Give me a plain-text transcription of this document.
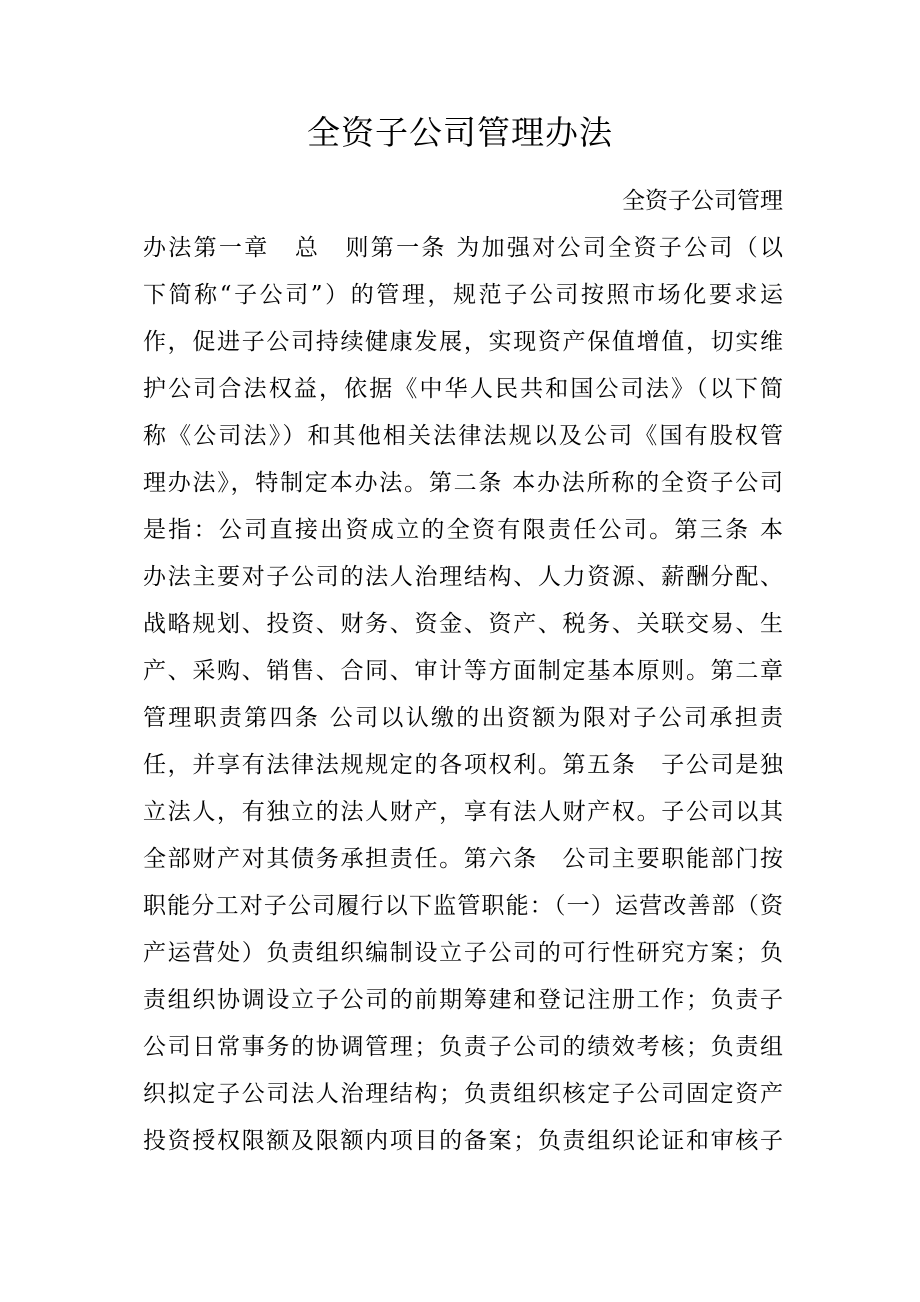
全资子公司管理办法
全资子公司管理
办法第一章　总　则第一条 为加强对公司全资子公司（以
下简称“子公司”）的管理，规范子公司按照市场化要求运
作，促进子公司持续健康发展，实现资产保值增值，切实维
护公司合法权益，依据《中华人民共和国公司法》（以下简
称《公司法》）和其他相关法律法规以及公司《国有股权管
理办法》，特制定本办法。第二条 本办法所称的全资子公司
是指：公司直接出资成立的全资有限责任公司。第三条 本
办法主要对子公司的法人治理结构、人力资源、薪酬分配、
战略规划、投资、财务、资金、资产、税务、关联交易、生
产、采购、销售、合同、审计等方面制定基本原则。第二章
管理职责第四条 公司以认缴的出资额为限对子公司承担责
任，并享有法律法规规定的各项权利。第五条　子公司是独
立法人，有独立的法人财产，享有法人财产权。子公司以其
全部财产对其债务承担责任。第六条　公司主要职能部门按
职能分工对子公司履行以下监管职能：（一）运营改善部（资
产运营处）负责组织编制设立子公司的可行性研究方案；负
责组织协调设立子公司的前期筹建和登记注册工作；负责子
公司日常事务的协调管理；负责子公司的绩效考核；负责组
织拟定子公司法人治理结构；负责组织核定子公司固定资产
投资授权限额及限额内项目的备案；负责组织论证和审核子
